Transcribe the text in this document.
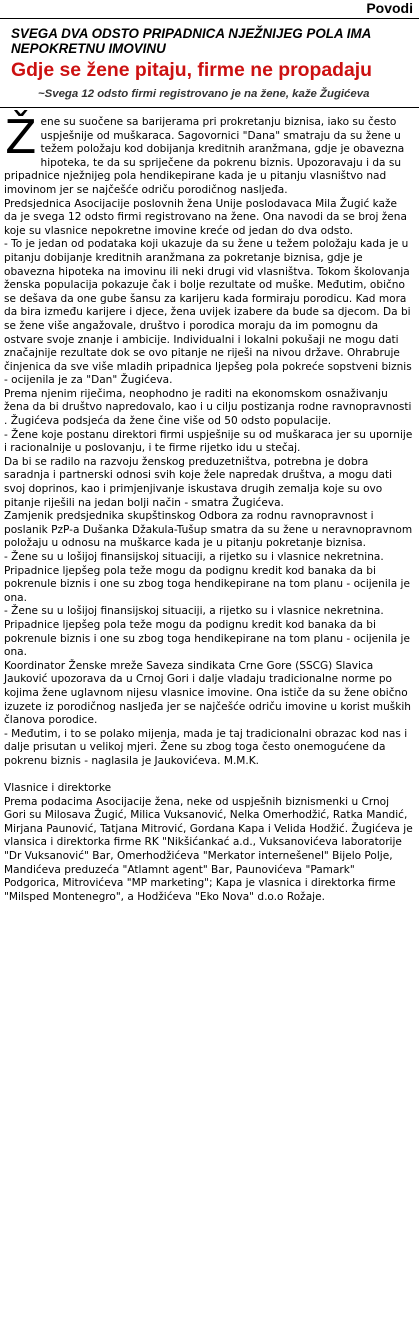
Povodi
SVEGA DVA ODSTO PRIPADNICA NJEŽNIJEG POLA IMA NEPOKRETNU IMOVINU
Gdje se žene pitaju, firme ne propadaju
~Svega 12 odsto firmi registrovano je na žene, kaže Žugićeva

Žene su suočene sa barijerama pri prokretanju biznisa, iako su često uspješnije od muškaraca. Sagovornici "Dana" smatraju da su žene u težem položaju kod dobijanja kreditnih aranžmana, gdje je obavezna hipoteka, te da su spriječene da pokrenu biznis. Upozoravaju i da su pripadnice nježnijeg pola hendikepirane kada je u pitanju vlasništvo nad imovinom jer se najčešće odriču porodičnog nasljeđa.

Predsjednica Asocijacije poslovnih žena Unije poslodavaca Mila Žugić kaže da je svega 12 odsto firmi registrovano na žene. Ona navodi da se broj žena koje su vlasnice nepokretne imovine kreće od jedan do dva odsto.

- To je jedan od podataka koji ukazuje da su žene u težem položaju kada je u pitanju dobijanje kreditnih aranžmana za pokretanje biznisa, gdje je obavezna hipoteka na imovinu ili neki drugi vid vlasništva. Tokom školovanja ženska populacija pokazuje čak i bolje rezultate od muške. Međutim, obično se dešava da one gube šansu za karijeru kada formiraju porodicu. Kad mora da bira između karijere i djece, žena uvijek izabere da bude sa djecom. Da bi se žene više angažovale, društvo i porodica moraju da im pomognu da ostvare svoje znanje i ambicije. Individualni i lokalni pokušaji ne mogu dati značajnije rezultate dok se ovo pitanje ne riješi na nivou države. Ohrabruje činjenica da sve više mladih pripadnica ljepšeg pola pokreće sopstveni biznis - ocijenila je za "Dan" Žugićeva.

Prema njenim riječima, neophodno je raditi na ekonomskom osnaživanju žena da bi društvo napredovalo, kao i u cilju postizanja rodne ravnopravnosti . Žugićeva podsjeća da žene čine više od 50 odsto populacije.

- Žene koje postanu direktori firmi uspješnije su od muškaraca jer su upornije i racionalnije u poslovanju, i te firme rijetko idu u stečaj.

Da bi se radilo na razvoju ženskog preduzetništva, potrebna je dobra saradnja i partnerski odnosi svih koje žele napredak društva, a mogu dati svoj doprinos, kao i primjenjivanje iskustava drugih zemalja koje su ovo pitanje riješili na jedan bolji način - smatra Žugićeva.

Zamjenik predsjednika skupštinskog Odbora za rodnu ravnopravnost i poslanik PzP-a Dušanka Džakula-Tušup smatra da su žene u neravnopravnom položaju u odnosu na muškarce kada je u pitanju pokretanje biznisa.

- Žene su u lošijoj finansijskoj situaciji, a rijetko su i vlasnice nekretnina. Pripadnice ljepšeg pola teže mogu da podignu kredit kod banaka da bi pokrenule biznis i one su zbog toga hendikepirane na tom planu - ocijenila je ona.

- Žene su u lošijoj finansijskoj situaciji, a rijetko su i vlasnice nekretnina. Pripadnice ljepšeg pola teže mogu da podignu kredit kod banaka da bi pokrenule biznis i one su zbog toga hendikepirane na tom planu - ocijenila je ona.

Koordinator Ženske mreže Saveza sindikata Crne Gore (SSCG) Slavica Jauković upozorava da u Crnoj Gori i dalje vladaju tradicionalne norme po kojima žene uglavnom nijesu vlasnice imovine. Ona ističe da su žene obično izuzete iz porodičnog nasljeđa jer se najčešće odriču imovine u korist muških članova porodice.

- Međutim, i to se polako mijenja, mada je taj tradicionalni obrazac kod nas i dalje prisutan u velikoj mjeri. Žene su zbog toga često onemogućene da pokrenu biznis - naglasila je Jaukovićeva. M.M.K.

Vlasnice i direktorke

Prema podacima Asocijacije žena, neke od uspješnih biznismenki u Crnoj Gori su Milosava Žugić, Milica Vuksanović, Nelka Omerhodžić, Ratka Mandić, Mirjana Paunović, Tatjana Mitrović, Gordana Kapa i Velida Hodžić. Žugićeva je vlansica i direktorka firme RK "Nikšićankać a.d., Vuksanovićeva laboratorije "Dr Vuksanović" Bar, Omerhodžićeva "Merkator internešenel" Bijelo Polje, Mandićeva preduzeća "Atlamnt agent" Bar, Paunovićeva "Pamark" Podgorica, Mitrovićeva "MP marketing"; Kapa je vlasnica i direktorka firme "Milsped Montenegro", a Hodžićeva "Eko Nova" d.o.o Rožaje.
